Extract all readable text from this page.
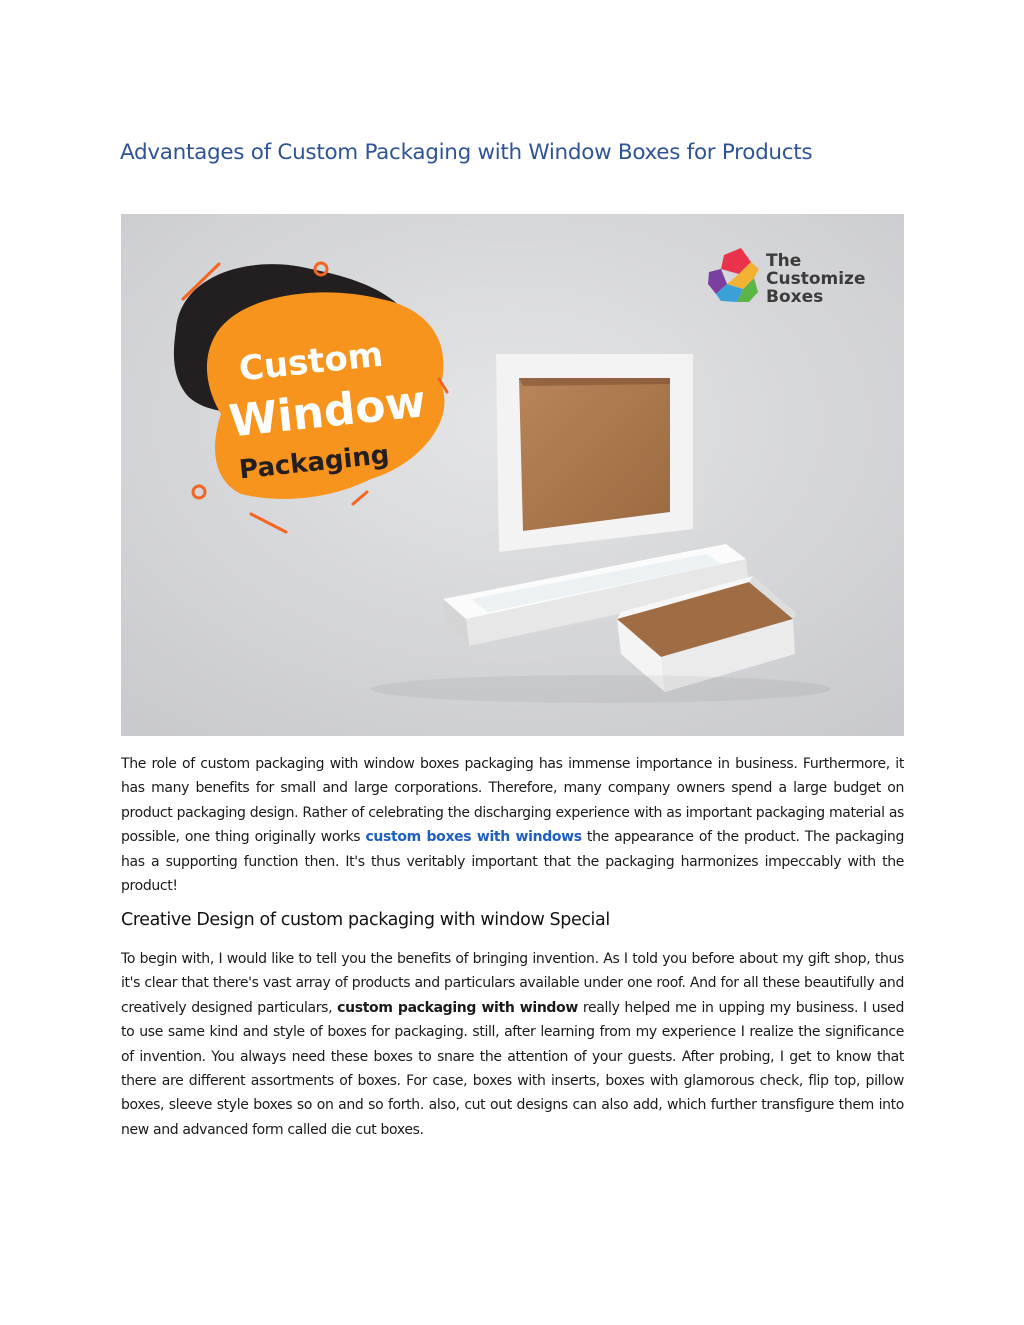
Advantages of Custom Packaging with Window Boxes for Products
Custom
Window
Packaging
The
Customize
Boxes

The role of custom packaging with window boxes packaging has immense importance in business. Furthermore, it has many benefits for small and large corporations. Therefore, many company owners spend a large budget on product packaging design. Rather of celebrating the discharging experience with as important packaging material as possible, one thing originally works custom boxes with windows the appearance of the product. The packaging has a supporting function then. It's thus veritably important that the packaging harmonizes impeccably with the product!

Creative Design of custom packaging with window Special

To begin with, I would like to tell you the benefits of bringing invention. As I told you before about my gift shop, thus it's clear that there's vast array of products and particulars available under one roof. And for all these beautifully and creatively designed particulars, custom packaging with window really helped me in upping my business. I used to use same kind and style of boxes for packaging. still, after learning from my experience I realize the significance of invention. You always need these boxes to snare the attention of your guests. After probing, I get to know that there are different assortments of boxes. For case, boxes with inserts, boxes with glamorous check, flip top, pillow boxes, sleeve style boxes so on and so forth. also, cut out designs can also add, which further transfigure them into new and advanced form called die cut boxes.
